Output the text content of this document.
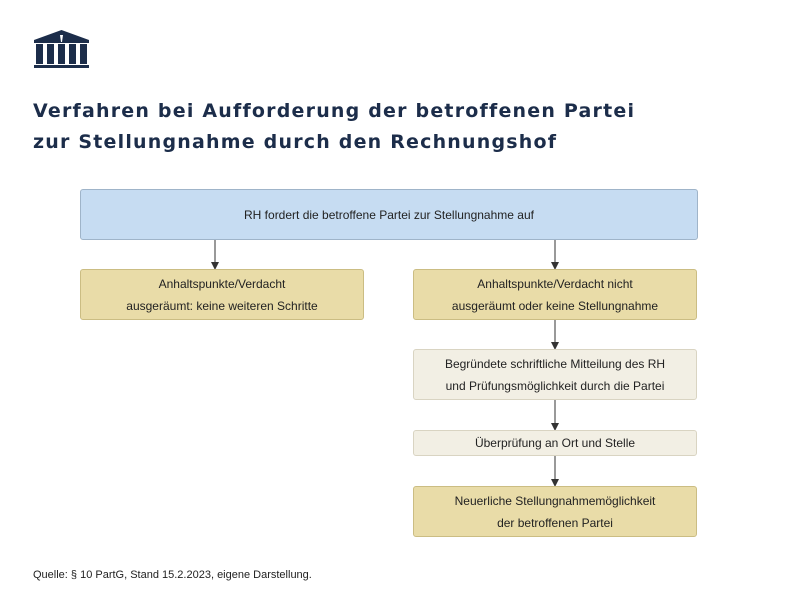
Verfahren bei Aufforderung der betroffenen Partei
zur Stellungnahme durch den Rechnungshof
RH fordert die betroffene Partei zur Stellungnahme auf
Anhaltspunkte/Verdacht
ausgeräumt: keine weiteren Schritte
Anhaltspunkte/Verdacht nicht
ausgeräumt oder keine Stellungnahme
Begründete schriftliche Mitteilung des RH
und Prüfungsmöglichkeit durch die Partei
Überprüfung an Ort und Stelle
Neuerliche Stellungnahmemöglichkeit
der betroffenen Partei
Quelle: § 10 PartG, Stand 15.2.2023, eigene Darstellung.
